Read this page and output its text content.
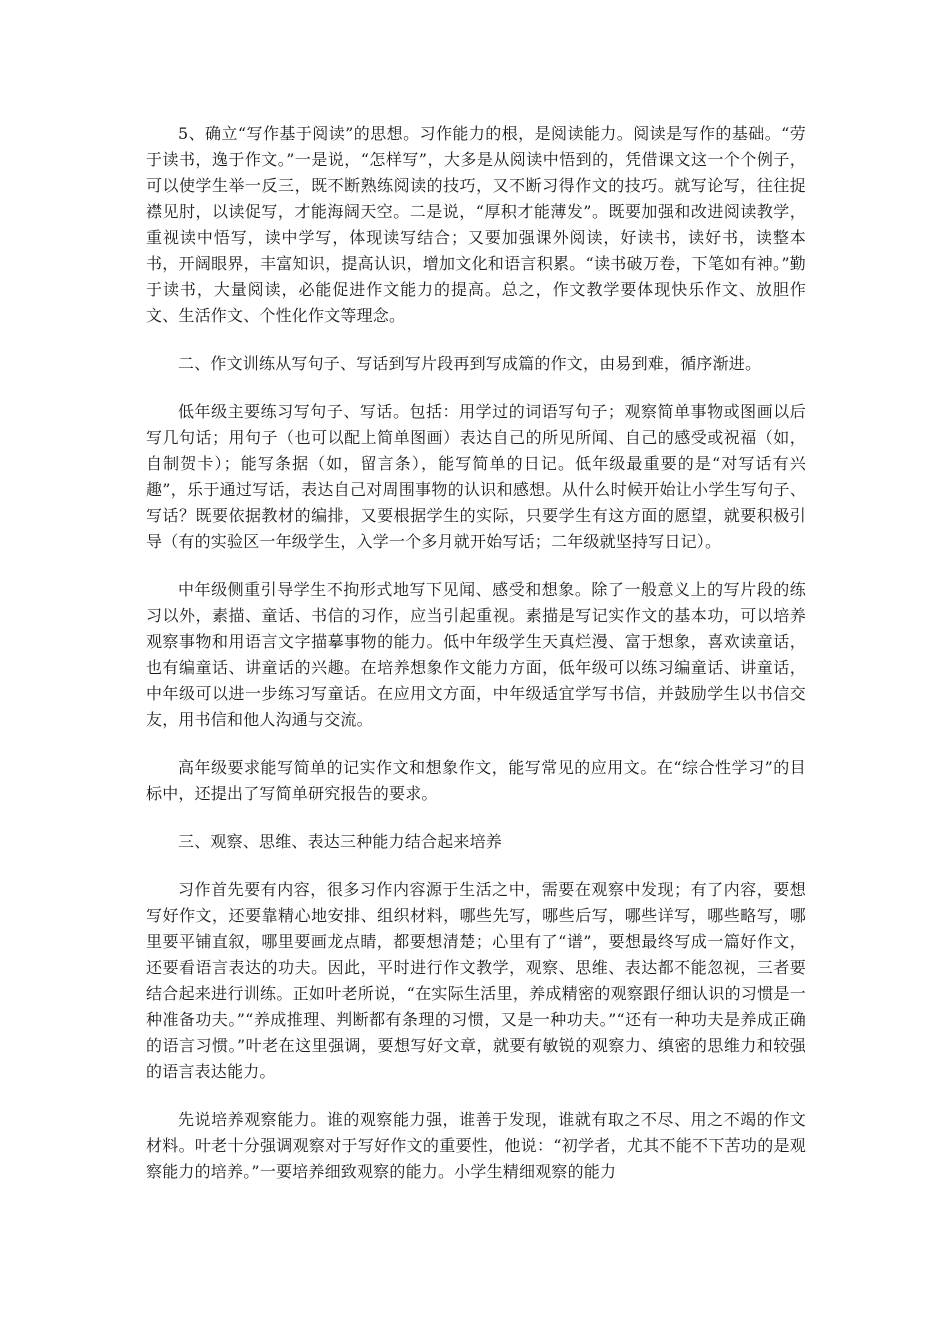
5、确立“写作基于阅读”的思想。习作能力的根，是阅读能力。阅读是写作的基础。“劳于读书，逸于作文。”一是说，“怎样写”，大多是从阅读中悟到的，凭借课文这一个个例子，可以使学生举一反三，既不断熟练阅读的技巧，又不断习得作文的技巧。就写论写，往往捉襟见肘，以读促写，才能海阔天空。二是说，“厚积才能薄发”。既要加强和改进阅读教学，重视读中悟写，读中学写，体现读写结合；又要加强课外阅读，好读书，读好书，读整本书，开阔眼界，丰富知识，提高认识，增加文化和语言积累。“读书破万卷，下笔如有神。”勤于读书，大量阅读，必能促进作文能力的提高。总之，作文教学要体现快乐作文、放胆作文、生活作文、个性化作文等理念。

二、作文训练从写句子、写话到写片段再到写成篇的作文，由易到难，循序渐进。

低年级主要练习写句子、写话。包括：用学过的词语写句子；观察简单事物或图画以后写几句话；用句子（也可以配上简单图画）表达自己的所见所闻、自己的感受或祝福（如，自制贺卡）；能写条据（如，留言条），能写简单的日记。低年级最重要的是“对写话有兴趣”，乐于通过写话，表达自己对周围事物的认识和感想。从什么时候开始让小学生写句子、写话？既要依据教材的编排，又要根据学生的实际，只要学生有这方面的愿望，就要积极引导（有的实验区一年级学生，入学一个多月就开始写话；二年级就坚持写日记）。

中年级侧重引导学生不拘形式地写下见闻、感受和想象。除了一般意义上的写片段的练习以外，素描、童话、书信的习作，应当引起重视。素描是写记实作文的基本功，可以培养观察事物和用语言文字描摹事物的能力。低中年级学生天真烂漫、富于想象，喜欢读童话，也有编童话、讲童话的兴趣。在培养想象作文能力方面，低年级可以练习编童话、讲童话，中年级可以进一步练习写童话。在应用文方面，中年级适宜学写书信，并鼓励学生以书信交友，用书信和他人沟通与交流。

高年级要求能写简单的记实作文和想象作文，能写常见的应用文。在“综合性学习”的目标中，还提出了写简单研究报告的要求。

三、观察、思维、表达三种能力结合起来培养

习作首先要有内容，很多习作内容源于生活之中，需要在观察中发现；有了内容，要想写好作文，还要靠精心地安排、组织材料，哪些先写，哪些后写，哪些详写，哪些略写，哪里要平铺直叙，哪里要画龙点睛，都要想清楚；心里有了“谱”，要想最终写成一篇好作文，还要看语言表达的功夫。因此，平时进行作文教学，观察、思维、表达都不能忽视，三者要结合起来进行训练。正如叶老所说，“在实际生活里，养成精密的观察跟仔细认识的习惯是一种准备功夫。”“养成推理、判断都有条理的习惯，又是一种功夫。”“还有一种功夫是养成正确的语言习惯。”叶老在这里强调，要想写好文章，就要有敏锐的观察力、缜密的思维力和较强的语言表达能力。

先说培养观察能力。谁的观察能力强，谁善于发现，谁就有取之不尽、用之不竭的作文材料。叶老十分强调观察对于写好作文的重要性，他说：“初学者，尤其不能不下苦功的是观察能力的培养。”一要培养细致观察的能力。小学生精细观察的能力
